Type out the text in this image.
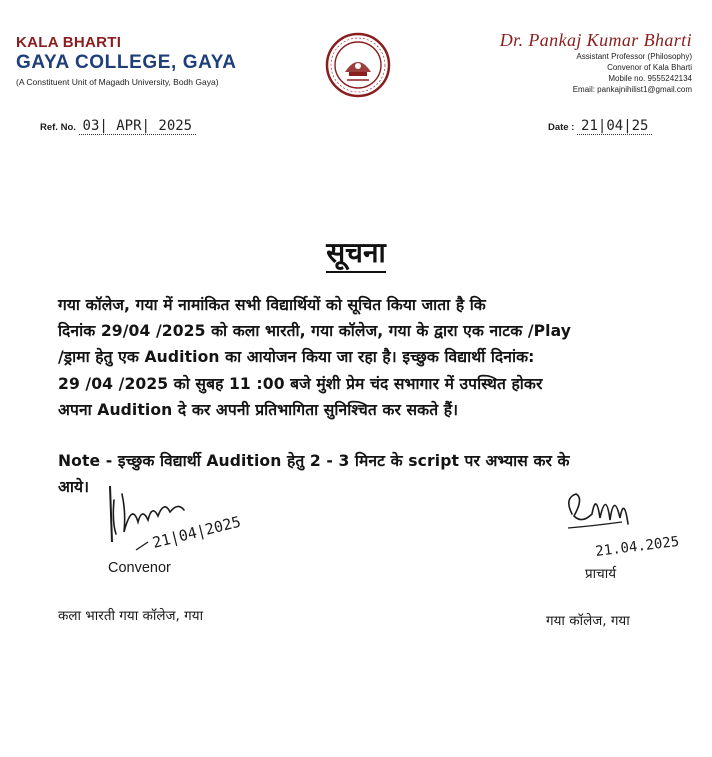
KALA BHARTI
GAYA COLLEGE, GAYA
(A Constituent Unit of Magadh University, Bodh Gaya)
Dr. Pankaj Kumar Bharti
Assistant Professor (Philosophy)
Convenor of Kala Bharti
Mobile no. 9555242134
Email: pankajnihilist1@gmail.com
Ref. No. 03| APR| 2025	Date : 21|04|25
सूचना
गया कॉलेज, गया में नामांकित सभी विद्यार्थियों को सूचित किया जाता है कि
दिनांक 29/04 /2025 को कला भारती, गया कॉलेज, गया के द्वारा एक नाटक /Play
/ड्रामा हेतु एक Audition का आयोजन किया जा रहा है। इच्छुक विद्यार्थी दिनांक:
29 /04 /2025 को सुबह 11 :00 बजे मुंशी प्रेम चंद सभागार में उपस्थित होकर
अपना Audition दे कर अपनी प्रतिभागिता सुनिश्चित कर सकते हैं।
Note - इच्छुक विद्यार्थी Audition हेतु 2 - 3 मिनट के script पर अभ्यास कर के
आये।
21|04|2025	21.04.2025
Convenor	प्राचार्य
कला भारती गया कॉलेज, गया	गया कॉलेज, गया
